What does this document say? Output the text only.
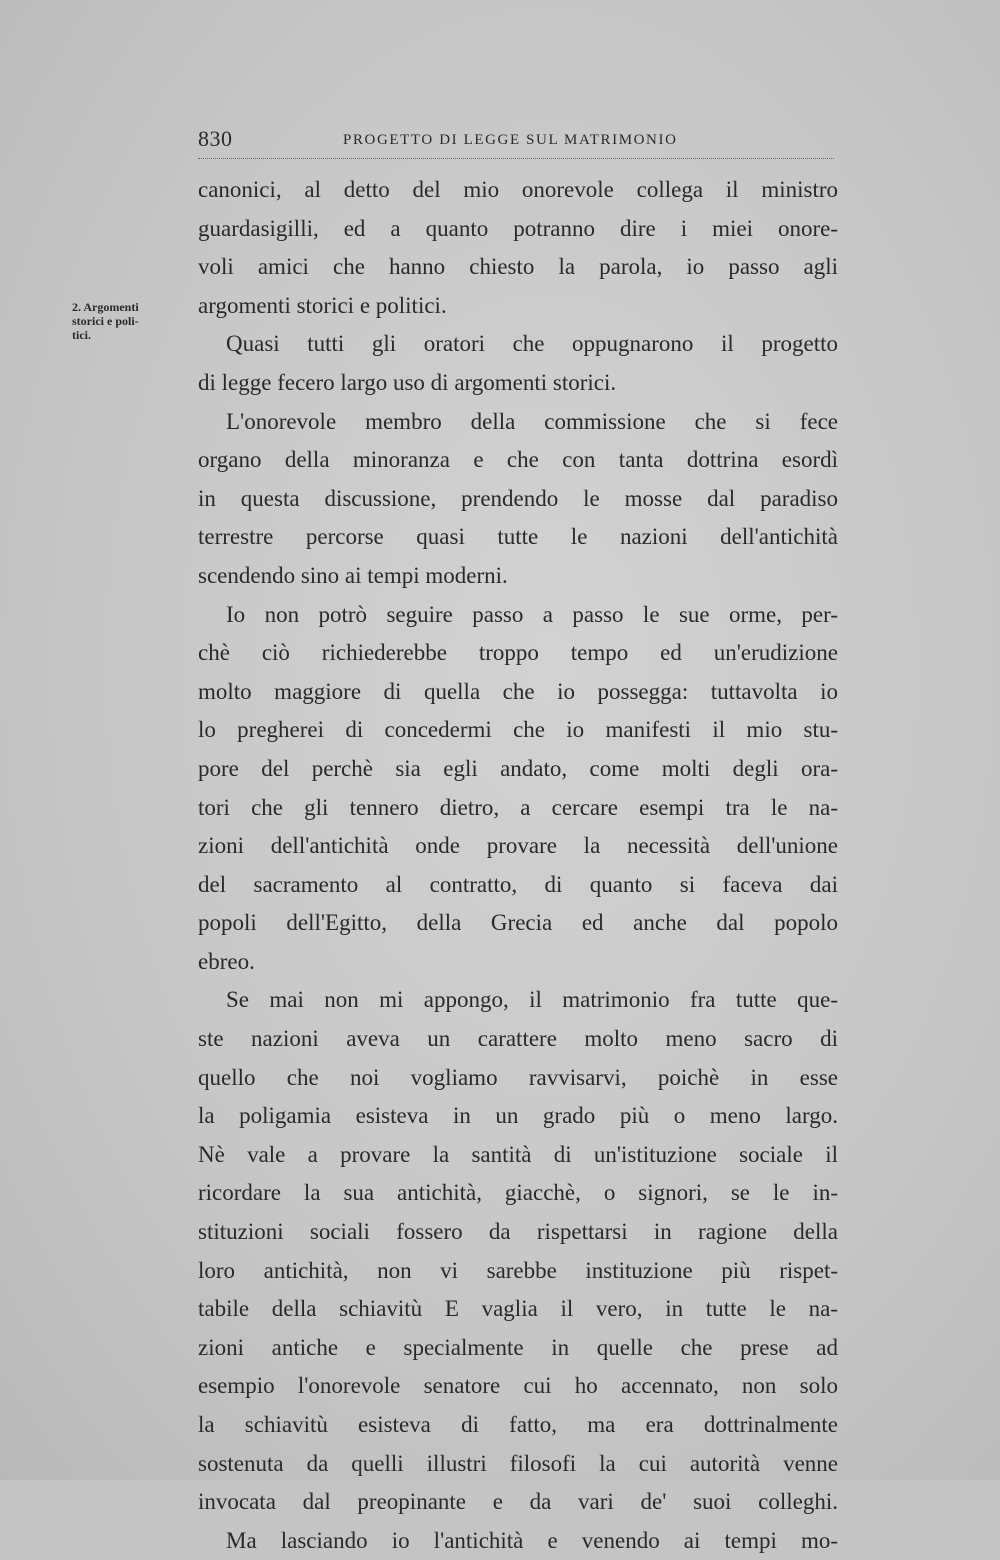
830	PROGETTO DI LEGGE SUL MATRIMONIO
2. Argomenti
storici e poli-
tici.
canonici, al detto del mio onorevole collega il ministro
guardasigilli, ed a quanto potranno dire i miei onore-
voli amici che hanno chiesto la parola, io passo agli
argomenti storici e politici.
Quasi tutti gli oratori che oppugnarono il progetto
di legge fecero largo uso di argomenti storici.
L'onorevole membro della commissione che si fece
organo della minoranza e che con tanta dottrina esordì
in questa discussione, prendendo le mosse dal paradiso
terrestre percorse quasi tutte le nazioni dell'antichità
scendendo sino ai tempi moderni.
Io non potrò seguire passo a passo le sue orme, per-
chè ciò richiederebbe troppo tempo ed un'erudizione
molto maggiore di quella che io possegga: tuttavolta io
lo pregherei di concedermi che io manifesti il mio stu-
pore del perchè sia egli andato, come molti degli ora-
tori che gli tennero dietro, a cercare esempi tra le na-
zioni dell'antichità onde provare la necessità dell'unione
del sacramento al contratto, di quanto si faceva dai
popoli dell'Egitto, della Grecia ed anche dal popolo
ebreo.
Se mai non mi appongo, il matrimonio fra tutte que-
ste nazioni aveva un carattere molto meno sacro di
quello che noi vogliamo ravvisarvi, poichè in esse
la poligamia esisteva in un grado più o meno largo.
Nè vale a provare la santità di un'istituzione sociale il
ricordare la sua antichità, giacchè, o signori, se le in-
stituzioni sociali fossero da rispettarsi in ragione della
loro antichità, non vi sarebbe instituzione più rispet-
tabile della schiavitù E vaglia il vero, in tutte le na-
zioni antiche e specialmente in quelle che prese ad
esempio l'onorevole senatore cui ho accennato, non solo
la schiavitù esisteva di fatto, ma era dottrinalmente
sostenuta da quelli illustri filosofi la cui autorità venne
invocata dal preopinante e da vari de' suoi colleghi.
Ma lasciando io l'antichità e venendo ai tempi mo-
